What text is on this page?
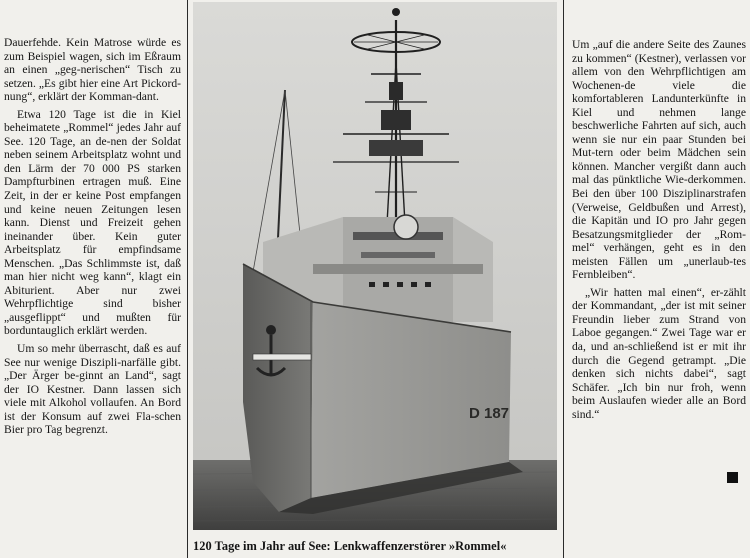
Dauerfehde. Kein Matrose würde es zum Beispiel wagen, sich im Eßraum an einen „geg-nerischen“ Tisch zu setzen. „Es gibt hier eine Art Pickord-nung“, erklärt der Komman-dant.

Etwa 120 Tage ist die in Kiel beheimatete „Rommel“ jedes Jahr auf See. 120 Tage, an de-nen der Soldat neben seinem Arbeitsplatz wohnt und den Lärm der 70 000 PS starken Dampfturbinen ertragen muß. Eine Zeit, in der er keine Post empfangen und keine neuen Zeitungen lesen kann. Dienst und Freizeit gehen ineinander über. Kein guter Arbeitsplatz für empfindsame Menschen. „Das Schlimmste ist, daß man hier nicht weg kann“, klagt ein Abiturient. Aber nur zwei Wehrpflichtige sind bisher „ausgeflippt“ und mußten für borduntauglich erklärt werden.

Um so mehr überrascht, daß es auf See nur wenige Diszipli-narfälle gibt. „Der Ärger be-ginnt an Land“, sagt der IO Kestner. Dann lassen sich viele mit Alkohol vollaufen. An Bord ist der Konsum auf zwei Fla-schen Bier pro Tag begrenzt.

D 187
120 Tage im Jahr auf See: Lenkwaffenzerstörer »Rommel«

Um „auf die andere Seite des Zaunes zu kommen“ (Kestner), verlassen vor allem von den Wehrpflichtigen am Wochenen-de viele die komfortableren Landunterkünfte in Kiel und nehmen lange beschwerliche Fahrten auf sich, auch wenn sie nur ein paar Stunden bei Mut-tern oder beim Mädchen sein können. Mancher vergißt dann auch mal das pünktliche Wie-derkommen. Bei den über 100 Disziplinarstrafen (Verweise, Geldbußen und Arrest), die Kapitän und IO pro Jahr gegen Besatzungsmitglieder der „Rom-mel“ verhängen, geht es in den meisten Fällen um „unerlaub-tes Fernbleiben“.

„Wir hatten mal einen“, er-zählt der Kommandant, „der ist mit seiner Freundin lieber zum Strand von Laboe gegangen.“ Zwei Tage war er da, und an-schließend ist er mit ihr durch die Gegend getrampt. „Die denken sich nichts dabei“, sagt Schäfer. „Ich bin nur froh, wenn beim Auslaufen wieder alle an Bord sind.“
